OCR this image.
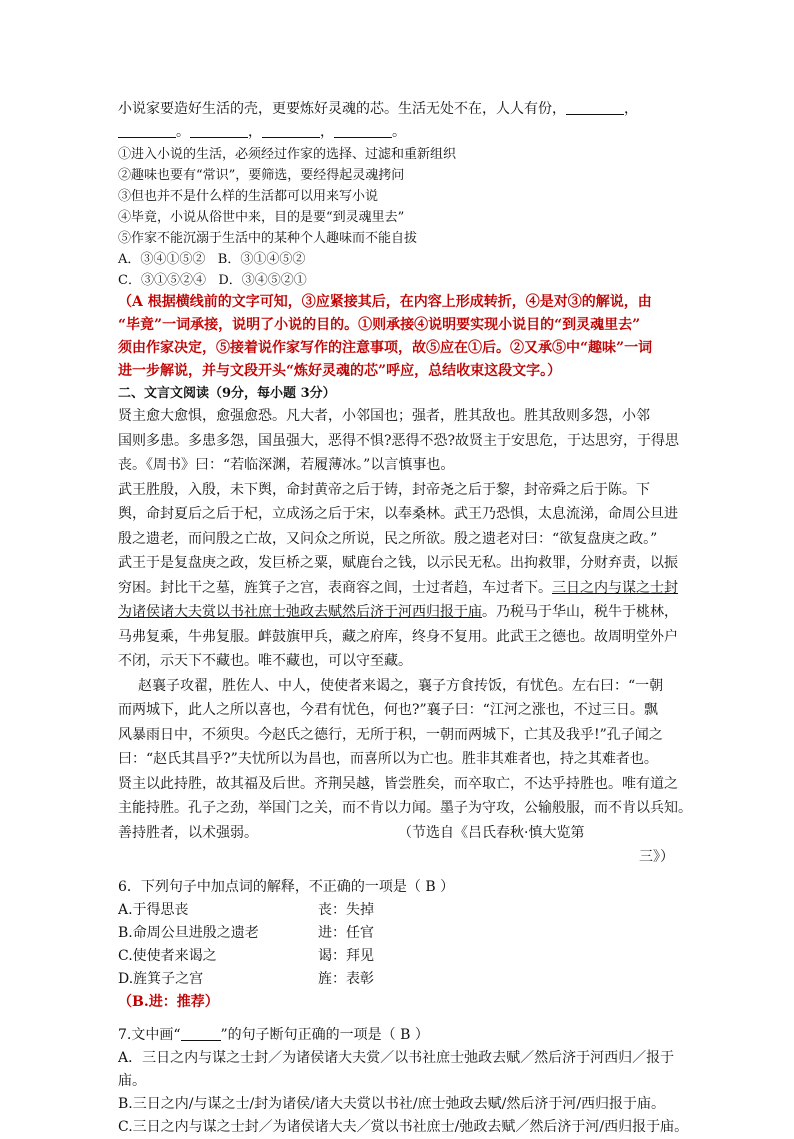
小说家要造好生活的壳，更要炼好灵魂的芯。生活无处不在，人人有份，	，
。	，	，	。
①进入小说的生活，必须经过作家的选择、过滤和重新组织
②趣味也要有“常识”，要筛选，要经得起灵魂拷问
③但也并不是什么样的生活都可以用来写小说
④毕竟，小说从俗世中来，目的是要“到灵魂里去”
⑤作家不能沉溺于生活中的某种个人趣味而不能自拔
A．③④①⑤② B．③①④⑤②
C．③①⑤②④ D．③④⑤②①
（A 根据横线前的文字可知，③应紧接其后，在内容上形成转折，④是对③的解说，由
“毕竟”一词承接，说明了小说的目的。①则承接④说明要实现小说目的“到灵魂里去”
须由作家决定，⑤接着说作家写作的注意事项，故⑤应在①后。②又承⑤中“趣味”一词
进一步解说，并与文段开头“炼好灵魂的芯”呼应，总结收束这段文字。）
二、文言文阅读（9分，每小题 3分）
贤主愈大愈惧，愈强愈恐。凡大者，小邻国也；强者，胜其敌也。胜其敌则多怨，小邻
国则多患。多患多怨，国虽强大，恶得不惧?恶得不恐?故贤主于安思危，于达思穷，于得思
丧。《周书》曰：“若临深渊，若履薄冰。”以言慎事也。
武王胜殷，入殷，未下舆，命封黄帝之后于铸，封帝尧之后于黎，封帝舜之后于陈。下
舆，命封夏后之后于杞，立成汤之后于宋，以奉桑林。武王乃恐惧，太息流涕，命周公旦进
殷之遗老，而问殷之亡故，又问众之所说，民之所欲。殷之遗老对曰：“欲复盘庚之政。”
武王于是复盘庚之政，发巨桥之粟，赋鹿台之钱，以示民无私。出拘救罪，分财弃责，以振
穷困。封比干之墓，旌箕子之宫，表商容之闾，士过者趋，车过者下。三日之内与谋之士封
为诸侯诸大夫赏以书社庶士弛政去赋然后济于河西归报于庙。乃税马于华山，税牛于桃林，
马弗复乘，牛弗复服。衅鼓旗甲兵，藏之府库，终身不复用。此武王之德也。故周明堂外户
不闭，示天下不藏也。唯不藏也，可以守至藏。
赵襄子攻翟，胜佐人、中人，使使者来谒之，襄子方食抟饭，有忧色。左右曰：“一朝
而两城下，此人之所以喜也，今君有忧色，何也?”襄子曰：“江河之涨也，不过三日。飘
风暴雨日中，不须臾。今赵氏之德行，无所于积，一朝而两城下，亡其及我乎!”孔子闻之
曰：“赵氏其昌乎?”夫忧所以为昌也，而喜所以为亡也。胜非其难者也，持之其难者也。
贤主以此持胜，故其福及后世。齐荆吴越，皆尝胜矣，而卒取亡，不达乎持胜也。唯有道之
主能持胜。孔子之劲，举国门之关，而不肯以力闻。墨子为守攻，公输般服，而不肯以兵知。
善持胜者，以术强弱。	（节选自《吕氏春秋·慎大览第
三》）
6．下列句子中加点词的解释，不正确的一项是（ B ）
A.于得思丧	丧：失掉
B.命周公旦进殷之遗老	进：任官
C.使使者来谒之	谒：拜见
D.旌箕子之宫	旌：表彰
（B.进：推荐）
7.文中画“	”的句子断句正确的一项是（ B ）
A．三日之内与谋之士封／为诸侯诸大夫赏／以书社庶士弛政去赋／然后济于河西归／报于
庙。
B.三日之内/与谋之士/封为诸侯/诸大夫赏以书社/庶士弛政去赋/然后济于河/西归报于庙。
C.三日之内与谋之士封／为诸侯诸大夫／赏以书社庶士/弛政去赋／然后济于河/西归报于庙。
